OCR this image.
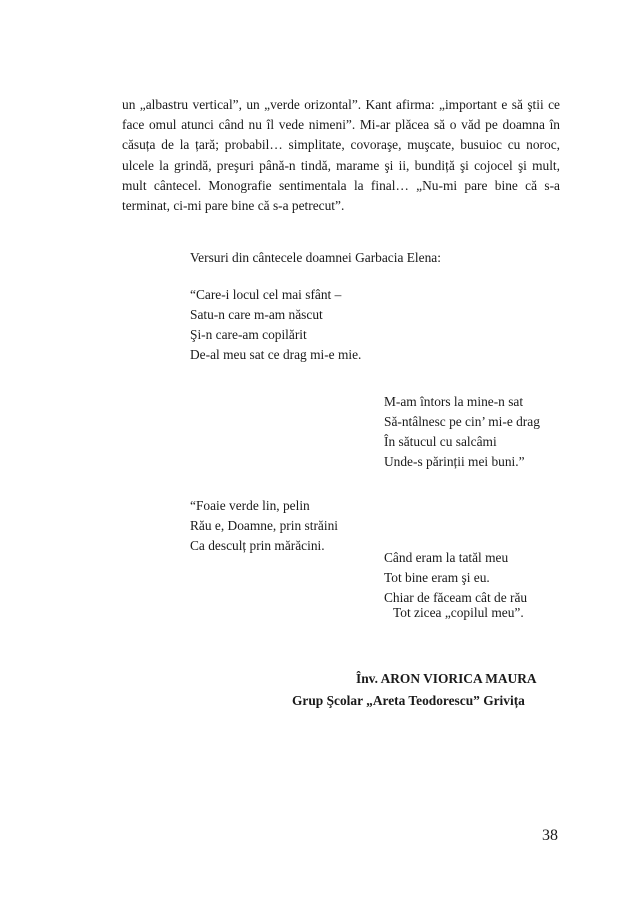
un „albastru vertical”, un „verde orizontal”. Kant afirma: „important e să ştii ce face omul atunci când nu îl vede nimeni”. Mi-ar plăcea să o văd pe doamna în căsuța de la țară; probabil… simplitate, covoraşe, muşcate, busuioc cu noroc, ulcele la grindă, preşuri până-n tindă, marame şi ii, bundiță şi cojocel şi mult, mult cântecel. Monografie sentimentala la final… „Nu-mi pare bine că s-a terminat, ci-mi pare bine că s-a petrecut”.

Versuri din cântecele doamnei Garbacia Elena:
“Care-i locul cel mai sfânt –
Satu-n care m-am născut
Şi-n care-am copilărit
De-al meu sat ce drag mi-e mie.
M-am întors la mine-n sat
Să-ntâlnesc pe cin’ mi-e drag
În sătucul cu salcâmi
Unde-s părinții mei buni.”
“Foaie verde lin, pelin
Rău e, Doamne, prin străini
Ca desculț prin mărăcini.
Când eram la tatăl meu
Tot bine eram şi eu.
Chiar de făceam cât de rău
Tot zicea „copilul meu”.
Înv. ARON VIORICA MAURA
Grup Şcolar „Areta Teodorescu” Grivița
38
